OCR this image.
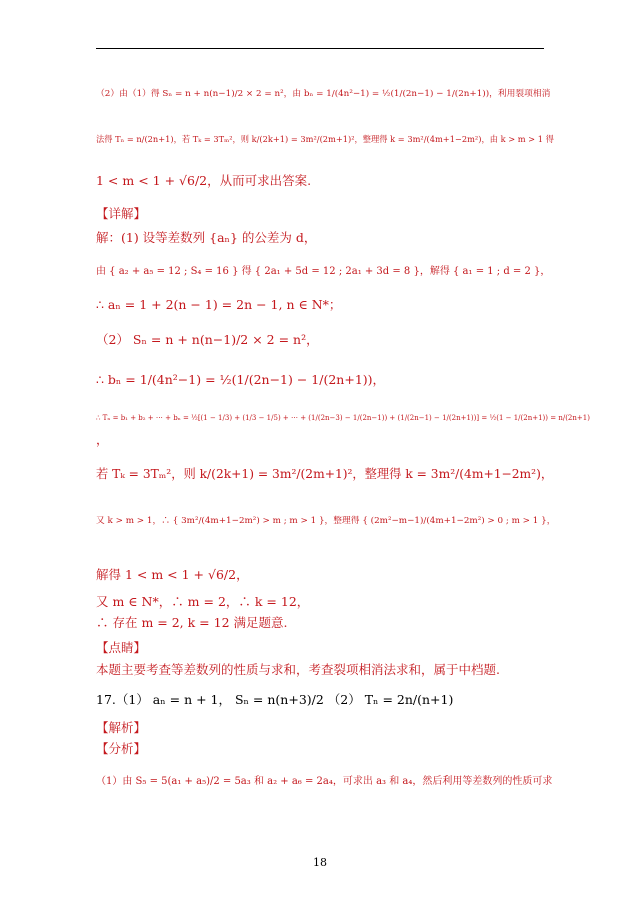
（2）由（1）得 Sₙ = n + n(n−1)/2 × 2 = n²，由 bₙ = 1/(4n²−1) = ½(1/(2n−1) − 1/(2n+1))，利用裂项相消
法得 Tₙ = n/(2n+1)，若 Tₖ = 3Tₘ²，则 k/(2k+1) = 3m²/(2m+1)²，整理得 k = 3m²/(4m+1−2m²)，由 k > m > 1 得
1 < m < 1 + √6/2，从而可求出答案.
【详解】
解：(1) 设等差数列 {aₙ} 的公差为 d，
由 { a₂ + a₅ = 12 ; S₄ = 16 } 得 { 2a₁ + 5d = 12 ; 2a₁ + 3d = 8 }，解得 { a₁ = 1 ; d = 2 }，
∴ aₙ = 1 + 2(n − 1) = 2n − 1, n ∈ N*；
（2） Sₙ = n + n(n−1)/2 × 2 = n²，
∴ bₙ = 1/(4n²−1) = ½(1/(2n−1) − 1/(2n+1))，
∴ Tₙ = b₁ + b₂ + ⋯ + bₙ = ½[(1 − 1/3) + (1/3 − 1/5) + ⋯ + (1/(2n−3) − 1/(2n−1)) + (1/(2n−1) − 1/(2n+1))] = ½(1 − 1/(2n+1)) = n/(2n+1)
，
若 Tₖ = 3Tₘ²，则 k/(2k+1) = 3m²/(2m+1)²，整理得 k = 3m²/(4m+1−2m²)，
又 k > m > 1，∴ { 3m²/(4m+1−2m²) > m ; m > 1 }，整理得 { (2m²−m−1)/(4m+1−2m²) > 0 ; m > 1 }，
解得 1 < m < 1 + √6/2，
又 m ∈ N*，∴ m = 2，∴ k = 12，
∴ 存在 m = 2, k = 12 满足题意.
【点睛】
本题主要考查等差数列的性质与求和，考查裂项相消法求和，属于中档题.
17.（1） aₙ = n + 1， Sₙ = n(n+3)/2 （2） Tₙ = 2n/(n+1)
【解析】
【分析】
（1）由 S₅ = 5(a₁ + a₅)/2 = 5a₃ 和 a₂ + a₆ = 2a₄，可求出 a₃ 和 a₄，然后利用等差数列的性质可求
18
